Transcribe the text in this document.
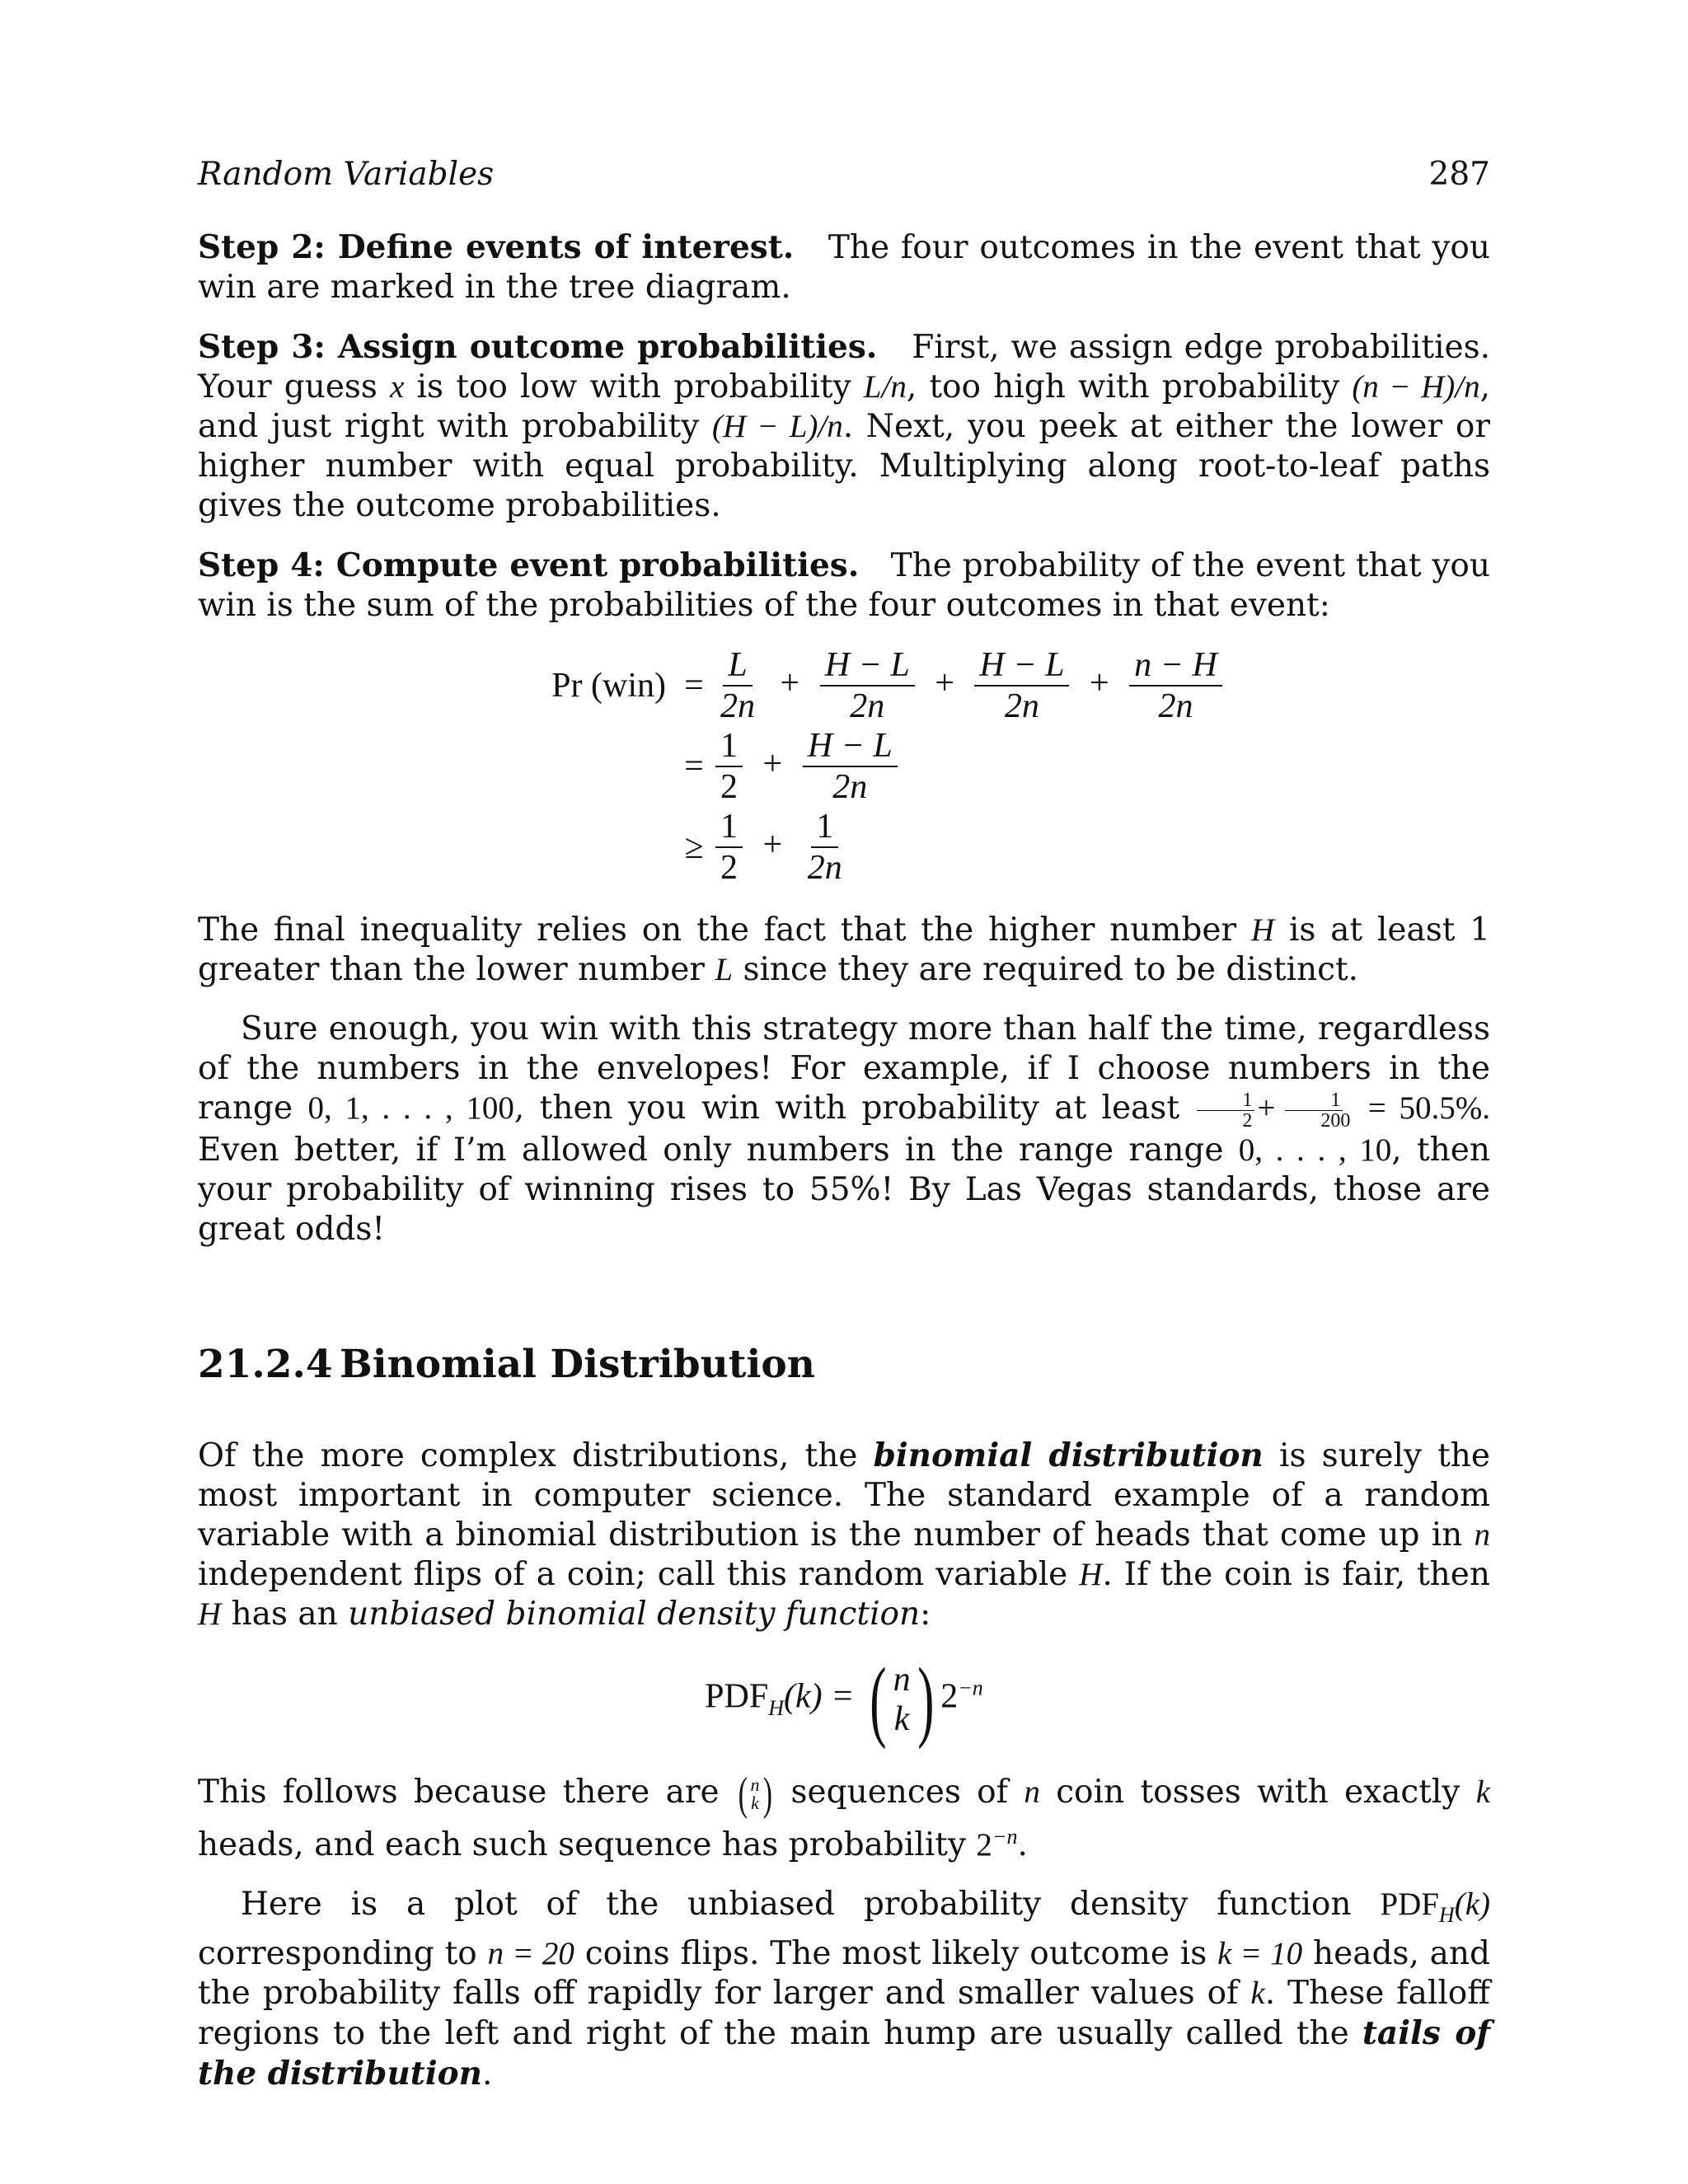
Random Variables	287

Step 2: Define events of interest. The four outcomes in the event that you win are marked in the tree diagram.

Step 3: Assign outcome probabilities. First, we assign edge probabilities. Your guess x is too low with probability L/n, too high with probability (n − H)/n, and just right with probability (H − L)/n. Next, you peek at either the lower or higher number with equal probability. Multiplying along root-to-leaf paths gives the outcome probabilities.

Step 4: Compute event probabilities. The probability of the event that you win is the sum of the probabilities of the four outcomes in that event:

Pr $(win) = \frac{L}{2n} + \frac{H - L}{2n} + \frac{H - L}{2n} + \frac{n - H}{2n}$
= $\frac{1}{2} + \frac{H - L}{2n}$
≥ $\frac{1}{2} + \frac{1}{2n}$

The final inequality relies on the fact that the higher number H is at least 1 greater than the lower number L since they are required to be distinct.

Sure enough, you win with this strategy more than half the time, regardless of the numbers in the envelopes! For example, if I choose numbers in the range 0, 1, . . . , 100, then you win with probability at least $\frac{1}{2} + \frac{1}{200} = 50.5\%$. Even better, if I’m allowed only numbers in the range range 0, . . . , 10, then your probability of winning rises to 55%! By Las Vegas standards, those are great odds!

21.2.4 Binomial Distribution

Of the more complex distributions, the binomial distribution is surely the most important in computer science. The standard example of a random variable with a binomial distribution is the number of heads that come up in n independent flips of a coin; call this random variable H. If the coin is fair, then H has an unbiased binomial density function:

$PDF_H(k)$ = ( n
k ) $2^{-n}$

This follows because there are ( n
k ) sequences of n coin tosses with exactly k heads, and each such sequence has probability $2^{-n}$.

Here is a plot of the unbiased probability density function $PDF_H(k)$ corresponding to n = 20 coins flips. The most likely outcome is k = 10 heads, and the probability falls off rapidly for larger and smaller values of k. These falloff regions to the left and right of the main hump are usually called the tails of the distribution.
